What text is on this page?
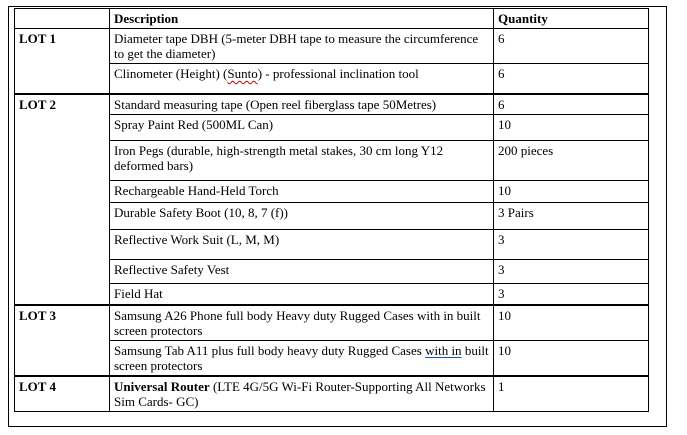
	Description	Quantity
LOT 1	Diameter tape DBH (5-meter DBH tape to measure the circumference to get the diameter)	6
	Clinometer (Height) (Sunto) - professional inclination tool	6
LOT 2	Standard measuring tape (Open reel fiberglass tape 50Metres)	6
	Spray Paint Red (500ML Can)	10
	Iron Pegs (durable, high-strength metal stakes, 30 cm long Y12 deformed bars)	200 pieces
	Rechargeable Hand-Held Torch	10
	Durable Safety Boot (10, 8, 7 (f))	3 Pairs
	Reflective Work Suit (L, M, M)	3
	Reflective Safety Vest	3
	Field Hat	3
LOT 3	Samsung A26 Phone full body Heavy duty Rugged Cases with in built screen protectors	10
	Samsung Tab A11 plus full body heavy duty Rugged Cases with in built screen protectors	10
LOT 4	Universal Router (LTE 4G/5G Wi-Fi Router-Supporting All Networks Sim Cards- GC)	1
